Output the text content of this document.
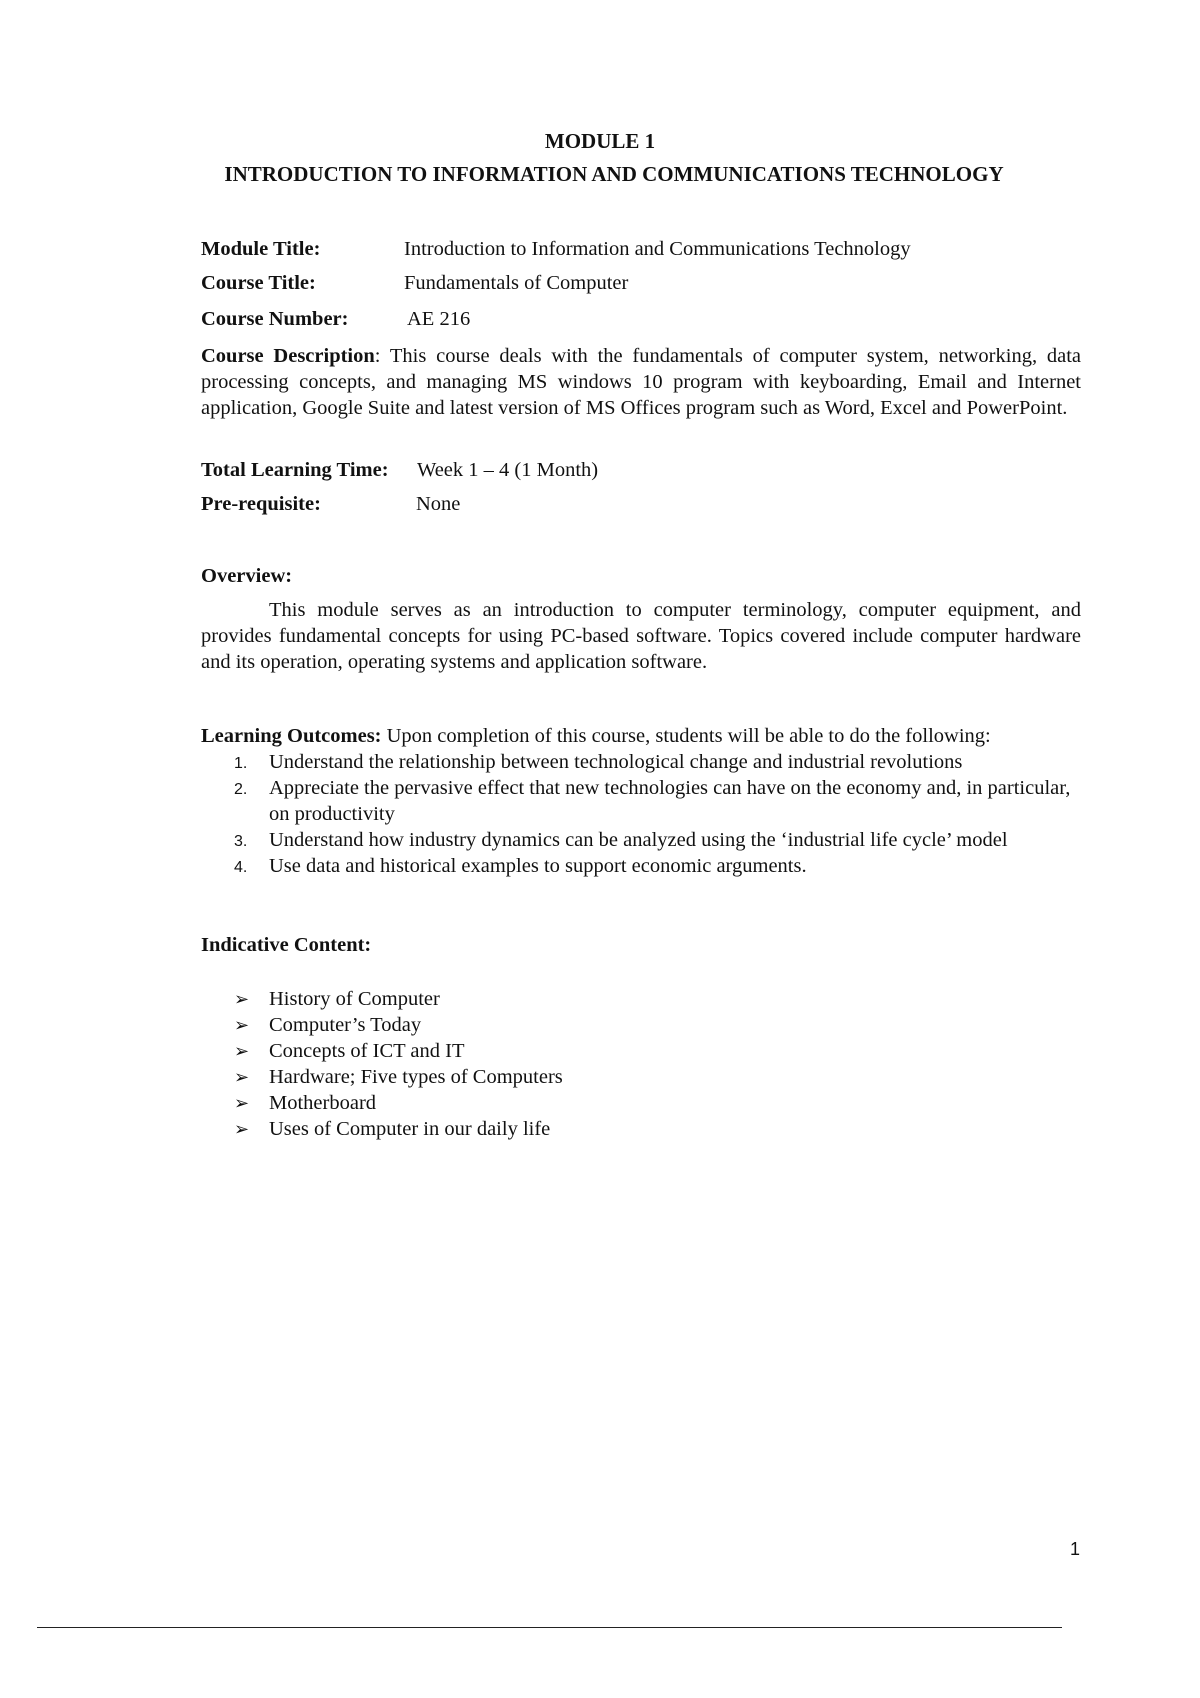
MODULE 1
INTRODUCTION TO INFORMATION AND COMMUNICATIONS TECHNOLOGY
Module Title:	Introduction to Information and Communications Technology
Course Title:	Fundamentals of Computer
Course Number:	AE 216
Course Description: This course deals with the fundamentals of computer system, networking, data processing concepts, and managing MS windows 10 program with keyboarding, Email and Internet application, Google Suite and latest version of MS Offices program such as Word, Excel and PowerPoint.
Total Learning Time: Week 1 – 4 (1 Month)
Pre-requisite:	None
Overview:
This module serves as an introduction to computer terminology, computer equipment, and provides fundamental concepts for using PC-based software. Topics covered include computer hardware and its operation, operating systems and application software.
Learning Outcomes: Upon completion of this course, students will be able to do the following:
1. Understand the relationship between technological change and industrial revolutions
2. Appreciate the pervasive effect that new technologies can have on the economy and, in particular, on productivity
3. Understand how industry dynamics can be analyzed using the ‘industrial life cycle’ model
4. Use data and historical examples to support economic arguments.
Indicative Content:
➢ History of Computer
➢ Computer’s Today
➢ Concepts of ICT and IT
➢ Hardware; Five types of Computers
➢ Motherboard
➢ Uses of Computer in our daily life
1
